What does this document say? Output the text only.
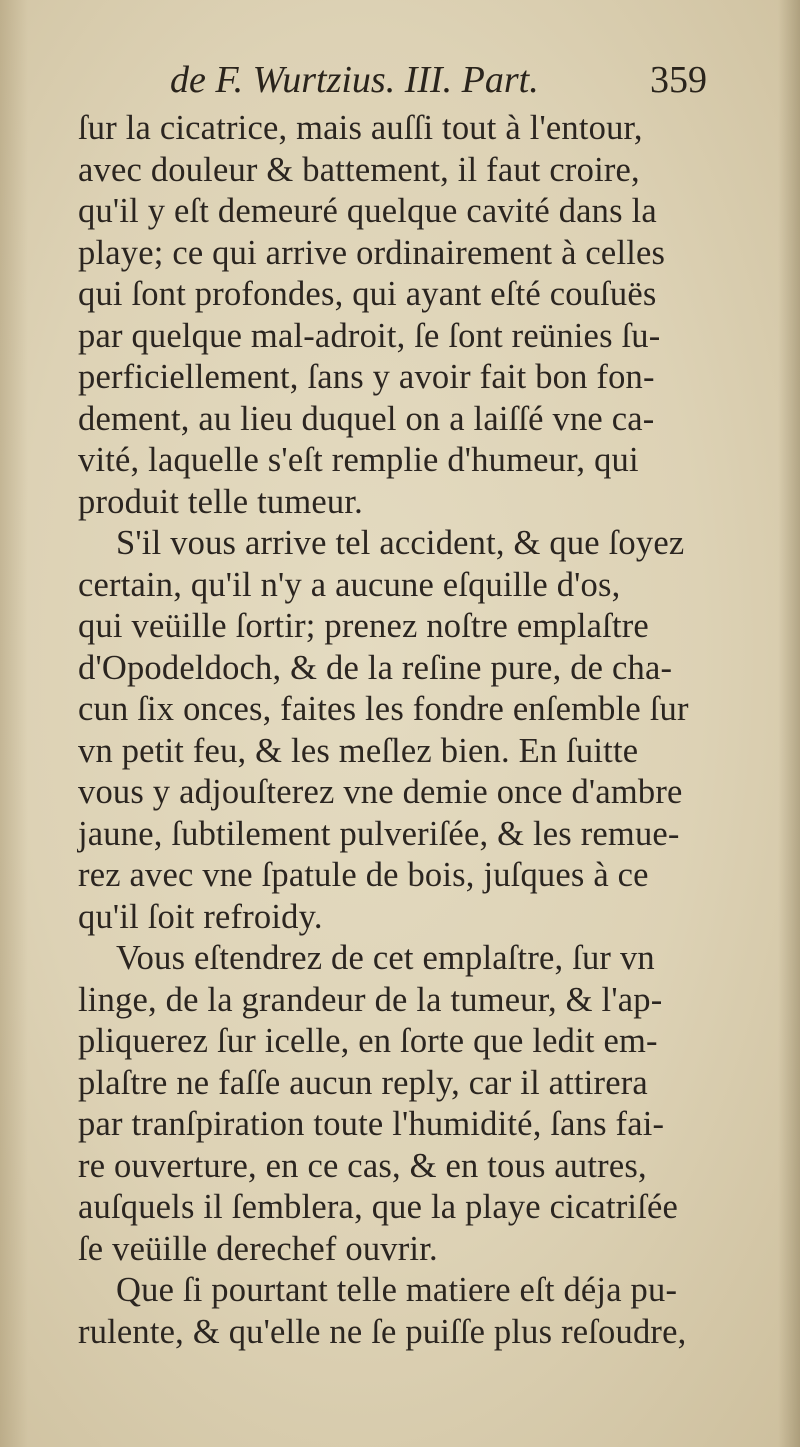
de F. Wurtzius. III. Part.	359
ſur la cicatrice, mais auſſi tout à l'entour,
avec douleur & battement, il faut croire,
qu'il y eſt demeuré quelque cavité dans la
playe; ce qui arrive ordinairement à celles
qui ſont profondes, qui ayant eſté couſuës
par quelque mal-adroit, ſe ſont reünies ſu-
perficiellement, ſans y avoir fait bon fon-
dement, au lieu duquel on a laiſſé vne ca-
vité, laquelle s'eſt remplie d'humeur, qui
produit telle tumeur.
S'il vous arrive tel accident, & que ſoyez
certain, qu'il n'y a aucune eſquille d'os,
qui veüille ſortir; prenez noſtre emplaſtre
d'Opodeldoch, & de la reſine pure, de cha-
cun ſix onces, faites les fondre enſemble ſur
vn petit feu, & les meſlez bien. En ſuitte
vous y adjouſterez vne demie once d'ambre
jaune, ſubtilement pulveriſée, & les remue-
rez avec vne ſpatule de bois, juſques à ce
qu'il ſoit refroidy.
Vous eſtendrez de cet emplaſtre, ſur vn
linge, de la grandeur de la tumeur, & l'ap-
pliquerez ſur icelle, en ſorte que ledit em-
plaſtre ne faſſe aucun reply, car il attirera
par tranſpiration toute l'humidité, ſans fai-
re ouverture, en ce cas, & en tous autres,
auſquels il ſemblera, que la playe cicatriſée
ſe veüille derechef ouvrir.
Que ſi pourtant telle matiere eſt déja pu-
rulente, & qu'elle ne ſe puiſſe plus reſoudre,
